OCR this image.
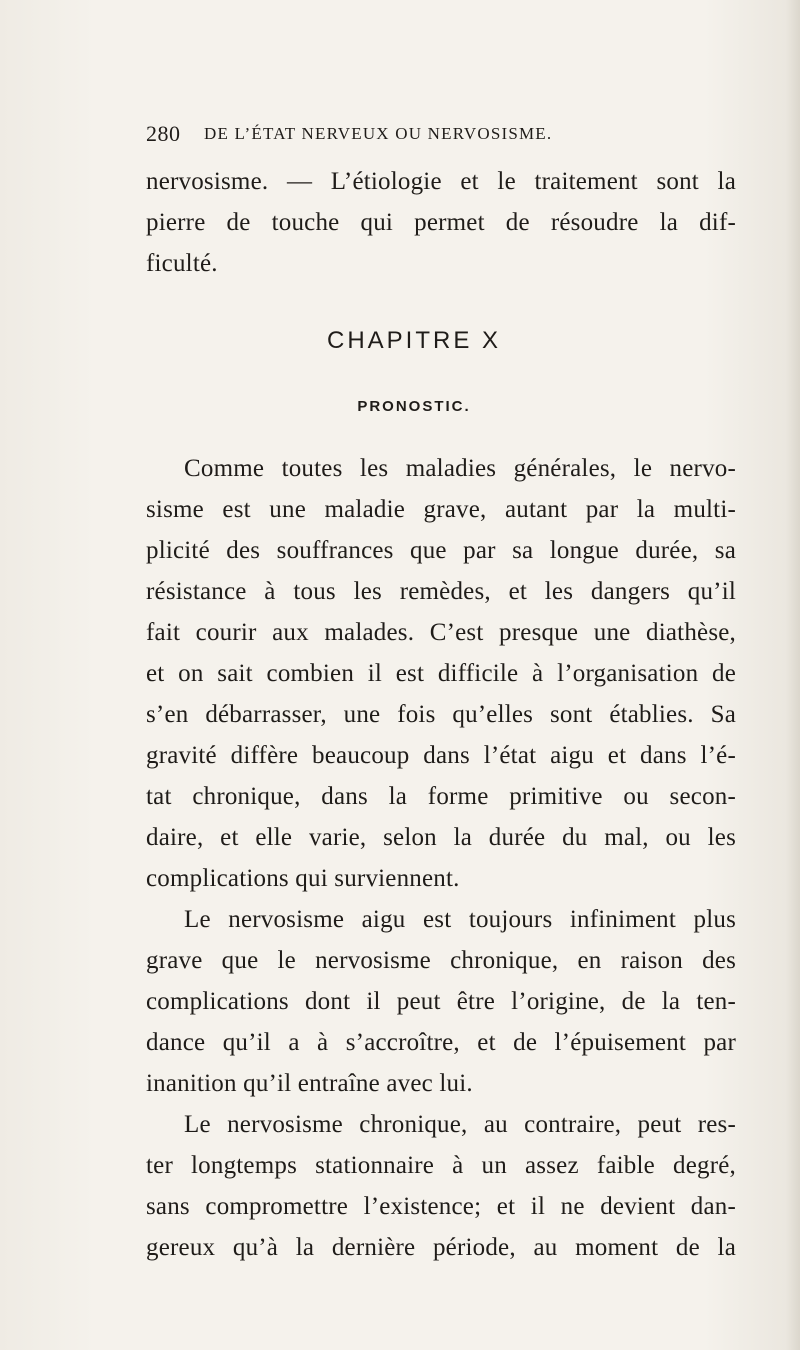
280 DE L’ÉTAT NERVEUX OU NERVOSISME.
nervosisme. — L’étiologie et le traitement sont la
pierre de touche qui permet de résoudre la dif-
ficulté.
CHAPITRE X
PRONOSTIC.
Comme toutes les maladies générales, le nervo-
sisme est une maladie grave, autant par la multi-
plicité des souffrances que par sa longue durée, sa
résistance à tous les remèdes, et les dangers qu’il
fait courir aux malades. C’est presque une diathèse,
et on sait combien il est difficile à l’organisation de
s’en débarrasser, une fois qu’elles sont établies. Sa
gravité diffère beaucoup dans l’état aigu et dans l’é-
tat chronique, dans la forme primitive ou secon-
daire, et elle varie, selon la durée du mal, ou les
complications qui surviennent.
Le nervosisme aigu est toujours infiniment plus
grave que le nervosisme chronique, en raison des
complications dont il peut être l’origine, de la ten-
dance qu’il a à s’accroître, et de l’épuisement par
inanition qu’il entraîne avec lui.
Le nervosisme chronique, au contraire, peut res-
ter longtemps stationnaire à un assez faible degré,
sans compromettre l’existence; et il ne devient dan-
gereux qu’à la dernière période, au moment de la
